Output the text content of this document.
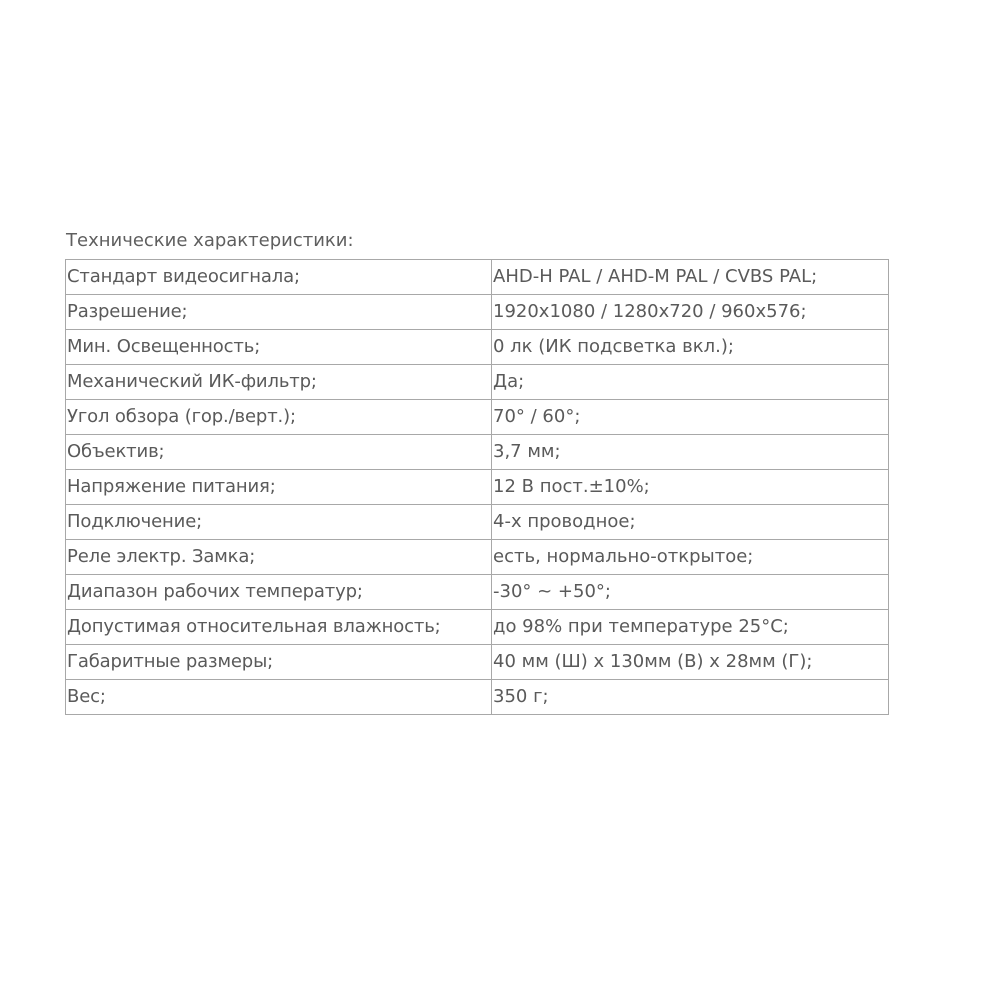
Технические характеристики:
Стандарт видеосигнала;	AHD-H PAL / AHD-M PAL / CVBS PAL;
Разрешение;	1920x1080 / 1280x720 / 960x576;
Мин. Освещенность;	0 лк (ИК подсветка вкл.);
Механический ИК-фильтр;	Да;
Угол обзора (гор./верт.);	70° / 60°;
Объектив;	3,7 мм;
Напряжение питания;	12 В пост.±10%;
Подключение;	4-х проводное;
Реле электр. Замка;	есть, нормально-открытое;
Диапазон рабочих температур;	-30° ~ +50°;
Допустимая относительная влажность;	до 98% при температуре 25°C;
Габаритные размеры;	40 мм (Ш) x 130мм (В) x 28мм (Г);
Вес;	350 г;
